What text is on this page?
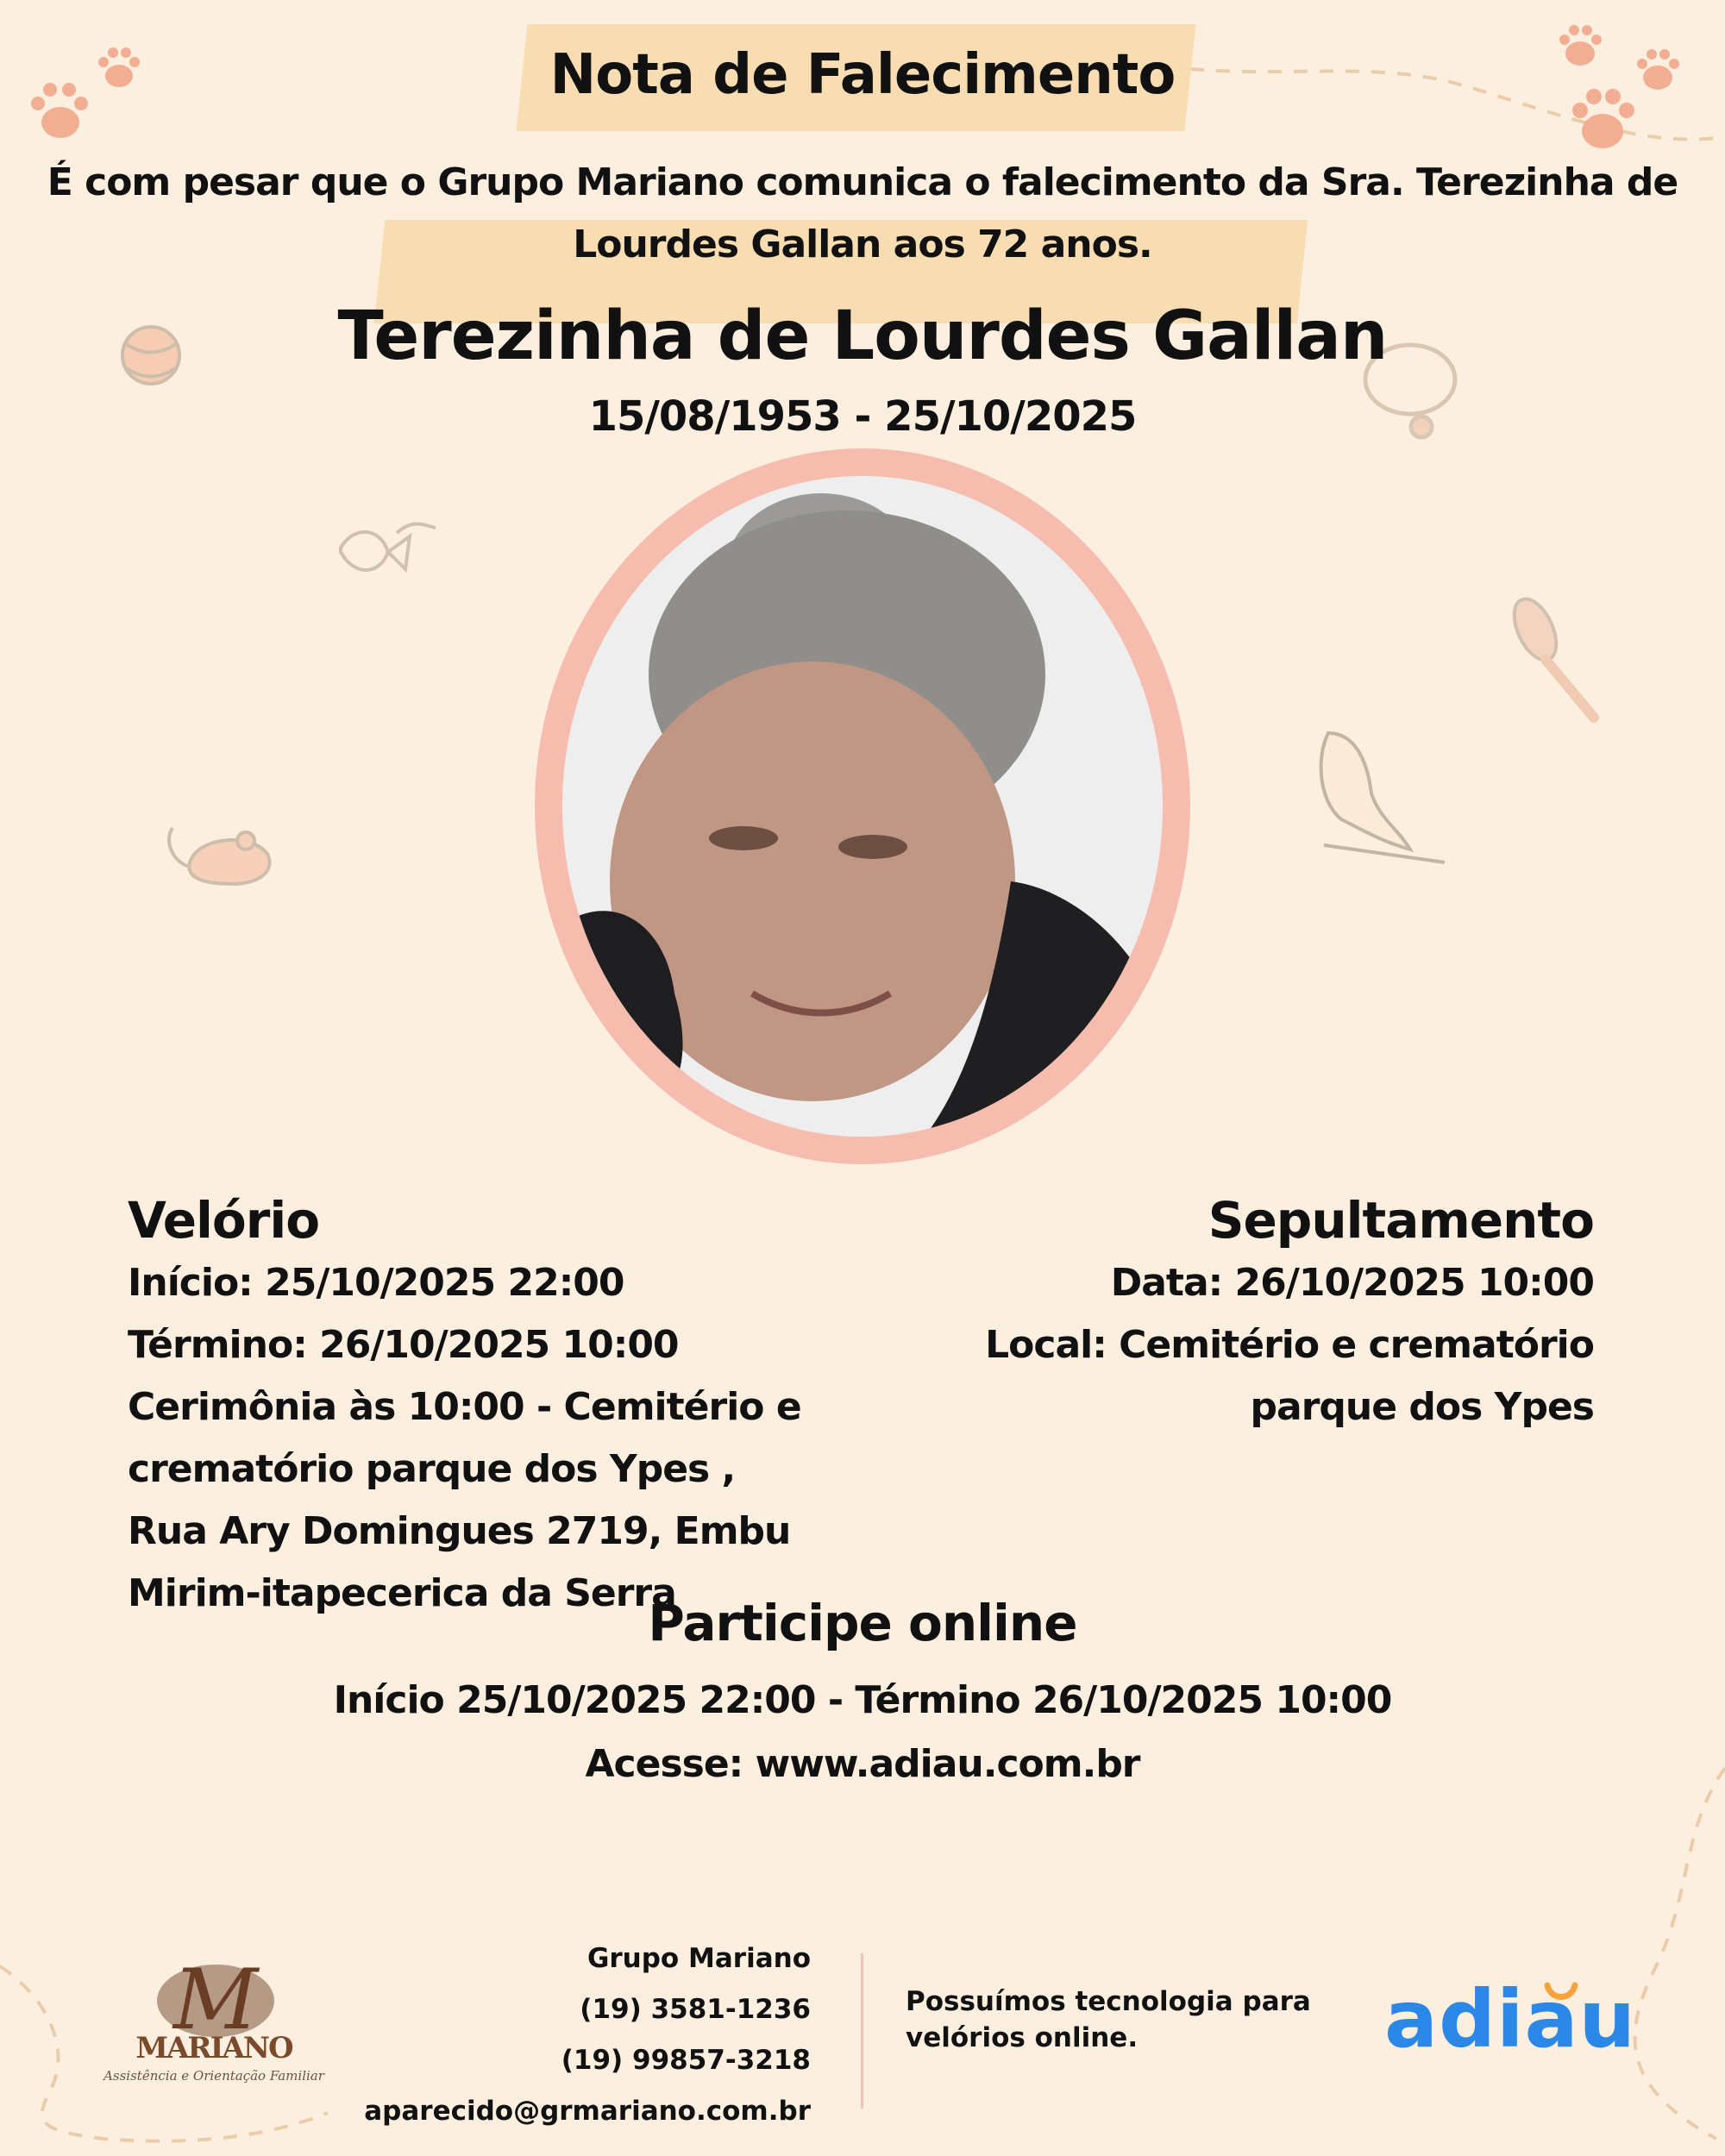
Nota de Falecimento
É com pesar que o Grupo Mariano comunica o falecimento da Sra. Terezinha de Lourdes Gallan aos 72 anos.
Terezinha de Lourdes Gallan
15/08/1953 - 25/10/2025
Velório
Início: 25/10/2025 22:00
Término: 26/10/2025 10:00
Cerimônia às 10:00 - Cemitério e
crematório parque dos Ypes ,
Rua Ary Domingues 2719, Embu
Mirim-itapecerica da Serra
Sepultamento
Data: 26/10/2025 10:00
Local: Cemitério e crematório
parque dos Ypes
Participe online
Início 25/10/2025 22:00 - Término 26/10/2025 10:00
Acesse: www.adiau.com.br
M
MARIANO
Assistência e Orientação Familiar
Grupo Mariano
(19) 3581-1236
(19) 99857-3218
aparecido@grmariano.com.br
Possuímos tecnologia para velórios online.	adiau
